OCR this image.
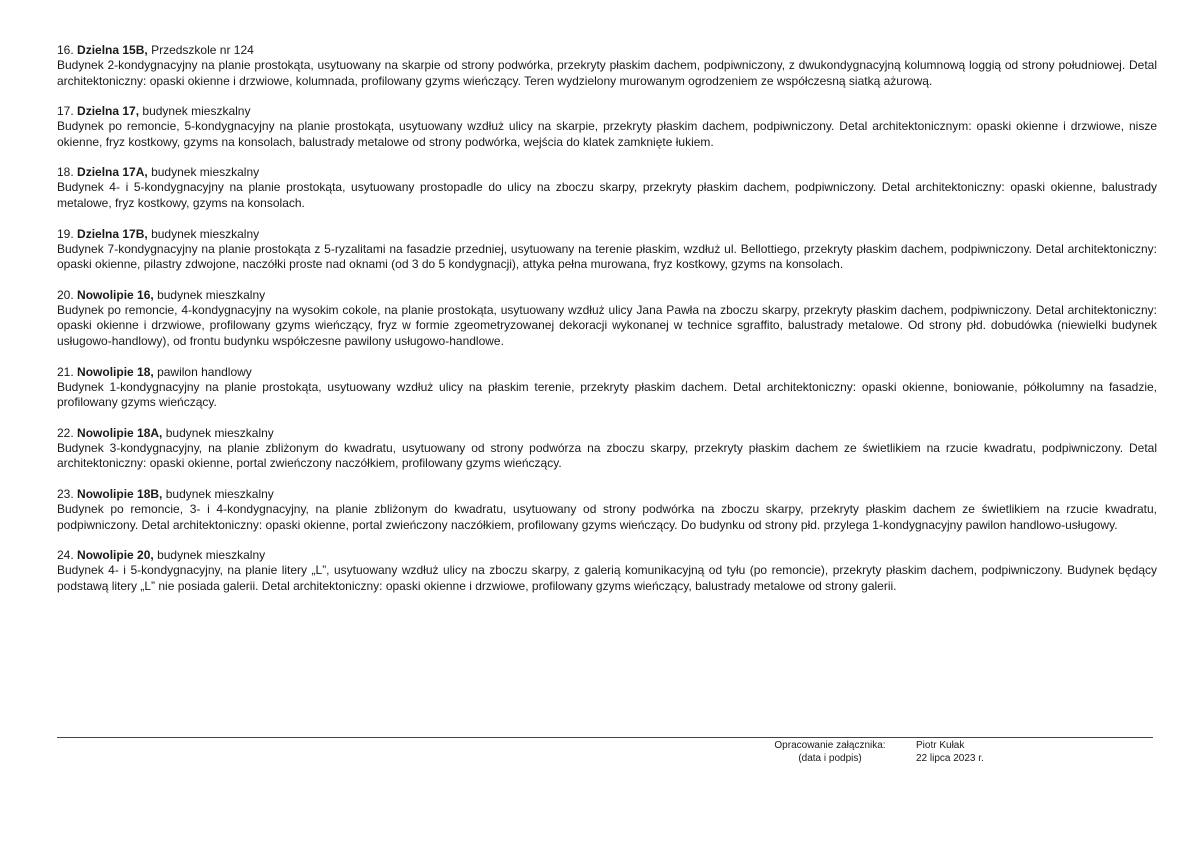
16. Dzielna 15B, Przedszkole nr 124
Budynek 2-kondygnacyjny na planie prostokąta, usytuowany na skarpie od strony podwórka, przekryty płaskim dachem, podpiwniczony, z dwukondygnacyjną kolumnową loggią od strony południowej. Detal architektoniczny: opaski okienne i drzwiowe, kolumnada, profilowany gzyms wieńczący. Teren wydzielony murowanym ogrodzeniem ze współczesną siatką ażurową.
17. Dzielna 17, budynek mieszkalny
Budynek po remoncie, 5-kondygnacyjny na planie prostokąta, usytuowany wzdłuż ulicy na skarpie, przekryty płaskim dachem, podpiwniczony. Detal architektonicznym: opaski okienne i drzwiowe, nisze okienne, fryz kostkowy, gzyms na konsolach, balustrady metalowe od strony podwórka, wejścia do klatek zamknięte łukiem.
18. Dzielna 17A, budynek mieszkalny
Budynek 4- i 5-kondygnacyjny na planie prostokąta, usytuowany prostopadle do ulicy na zboczu skarpy, przekryty płaskim dachem, podpiwniczony. Detal architektoniczny: opaski okienne, balustrady metalowe, fryz kostkowy, gzyms na konsolach.
19. Dzielna 17B, budynek mieszkalny
Budynek 7-kondygnacyjny na planie prostokąta z 5-ryzalitami na fasadzie przedniej, usytuowany na terenie płaskim, wzdłuż ul. Bellottiego, przekryty płaskim dachem, podpiwniczony. Detal architektoniczny: opaski okienne, pilastry zdwojone, naczółki proste nad oknami (od 3 do 5 kondygnacji), attyka pełna murowana, fryz kostkowy, gzyms na konsolach.
20. Nowolipie 16, budynek mieszkalny
Budynek po remoncie, 4-kondygnacyjny na wysokim cokole, na planie prostokąta, usytuowany wzdłuż ulicy Jana Pawła na zboczu skarpy, przekryty płaskim dachem, podpiwniczony. Detal architektoniczny: opaski okienne i drzwiowe, profilowany gzyms wieńczący, fryz w formie zgeometryzowanej dekoracji wykonanej w technice sgraffito, balustrady metalowe. Od strony płd. dobudówka (niewielki budynek usługowo-handlowy), od frontu budynku współczesne pawilony usługowo-handlowe.
21. Nowolipie 18, pawilon handlowy
Budynek 1-kondygnacyjny na planie prostokąta, usytuowany wzdłuż ulicy na płaskim terenie, przekryty płaskim dachem. Detal architektoniczny: opaski okienne, boniowanie, półkolumny na fasadzie, profilowany gzyms wieńczący.
22. Nowolipie 18A, budynek mieszkalny
Budynek 3-kondygnacyjny, na planie zbliżonym do kwadratu, usytuowany od strony podwórza na zboczu skarpy, przekryty płaskim dachem ze świetlikiem na rzucie kwadratu, podpiwniczony. Detal architektoniczny: opaski okienne, portal zwieńczony naczółkiem, profilowany gzyms wieńczący.
23. Nowolipie 18B, budynek mieszkalny
Budynek po remoncie, 3- i 4-kondygnacyjny, na planie zbliżonym do kwadratu, usytuowany od strony podwórka na zboczu skarpy, przekryty płaskim dachem ze świetlikiem na rzucie kwadratu, podpiwniczony. Detal architektoniczny: opaski okienne, portal zwieńczony naczółkiem, profilowany gzyms wieńczący. Do budynku od strony płd. przylega 1-kondygnacyjny pawilon handlowo-usługowy.
24. Nowolipie 20, budynek mieszkalny
Budynek 4- i 5-kondygnacyjny, na planie litery „L”, usytuowany wzdłuż ulicy na zboczu skarpy, z galerią komunikacyjną od tyłu (po remoncie), przekryty płaskim dachem, podpiwniczony. Budynek będący podstawą litery „L” nie posiada galerii. Detal architektoniczny: opaski okienne i drzwiowe, profilowany gzyms wieńczący, balustrady metalowe od strony galerii.
Opracowanie załącznika:
(data i podpis)
Piotr Kułak
22 lipca 2023 r.
